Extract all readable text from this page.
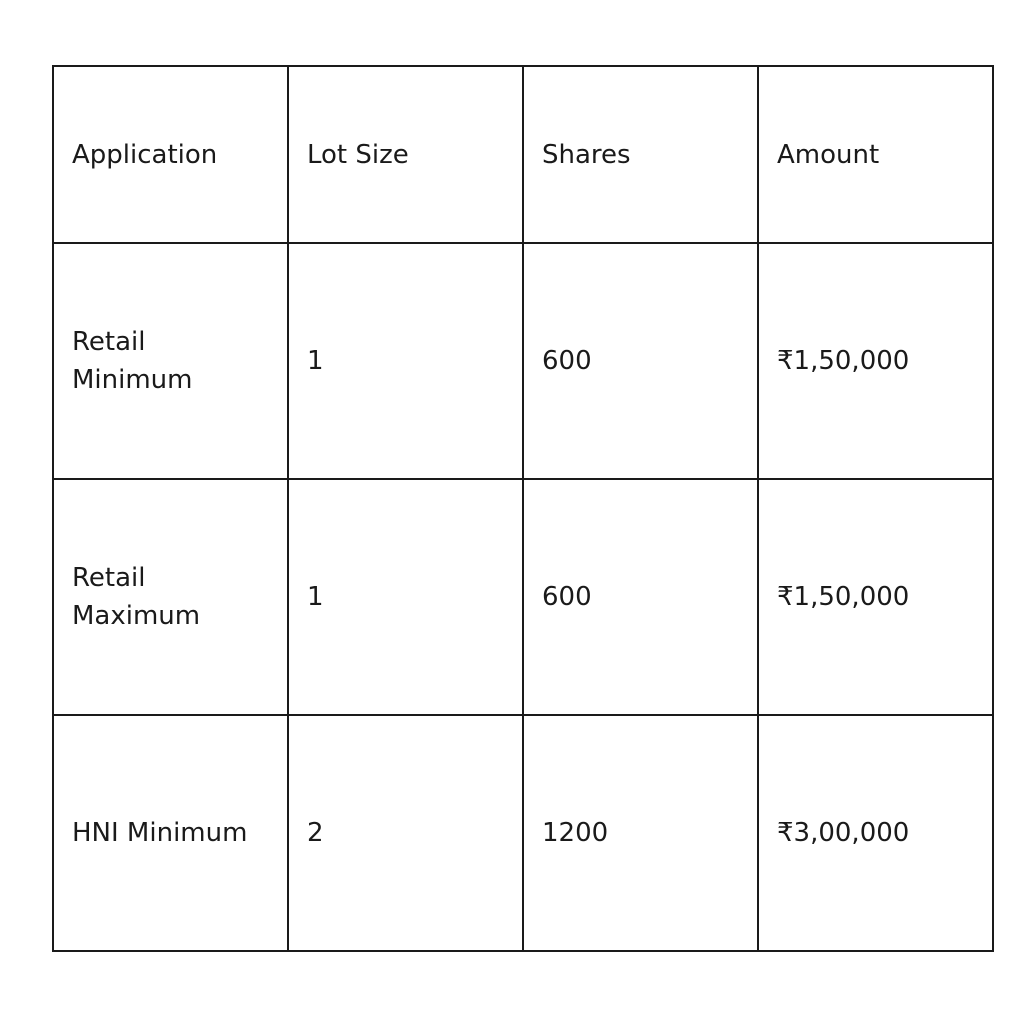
Application	Lot Size	Shares	Amount
Retail Minimum	1	600	₹1,50,000
Retail Maximum	1	600	₹1,50,000
HNI Minimum	2	1200	₹3,00,000
